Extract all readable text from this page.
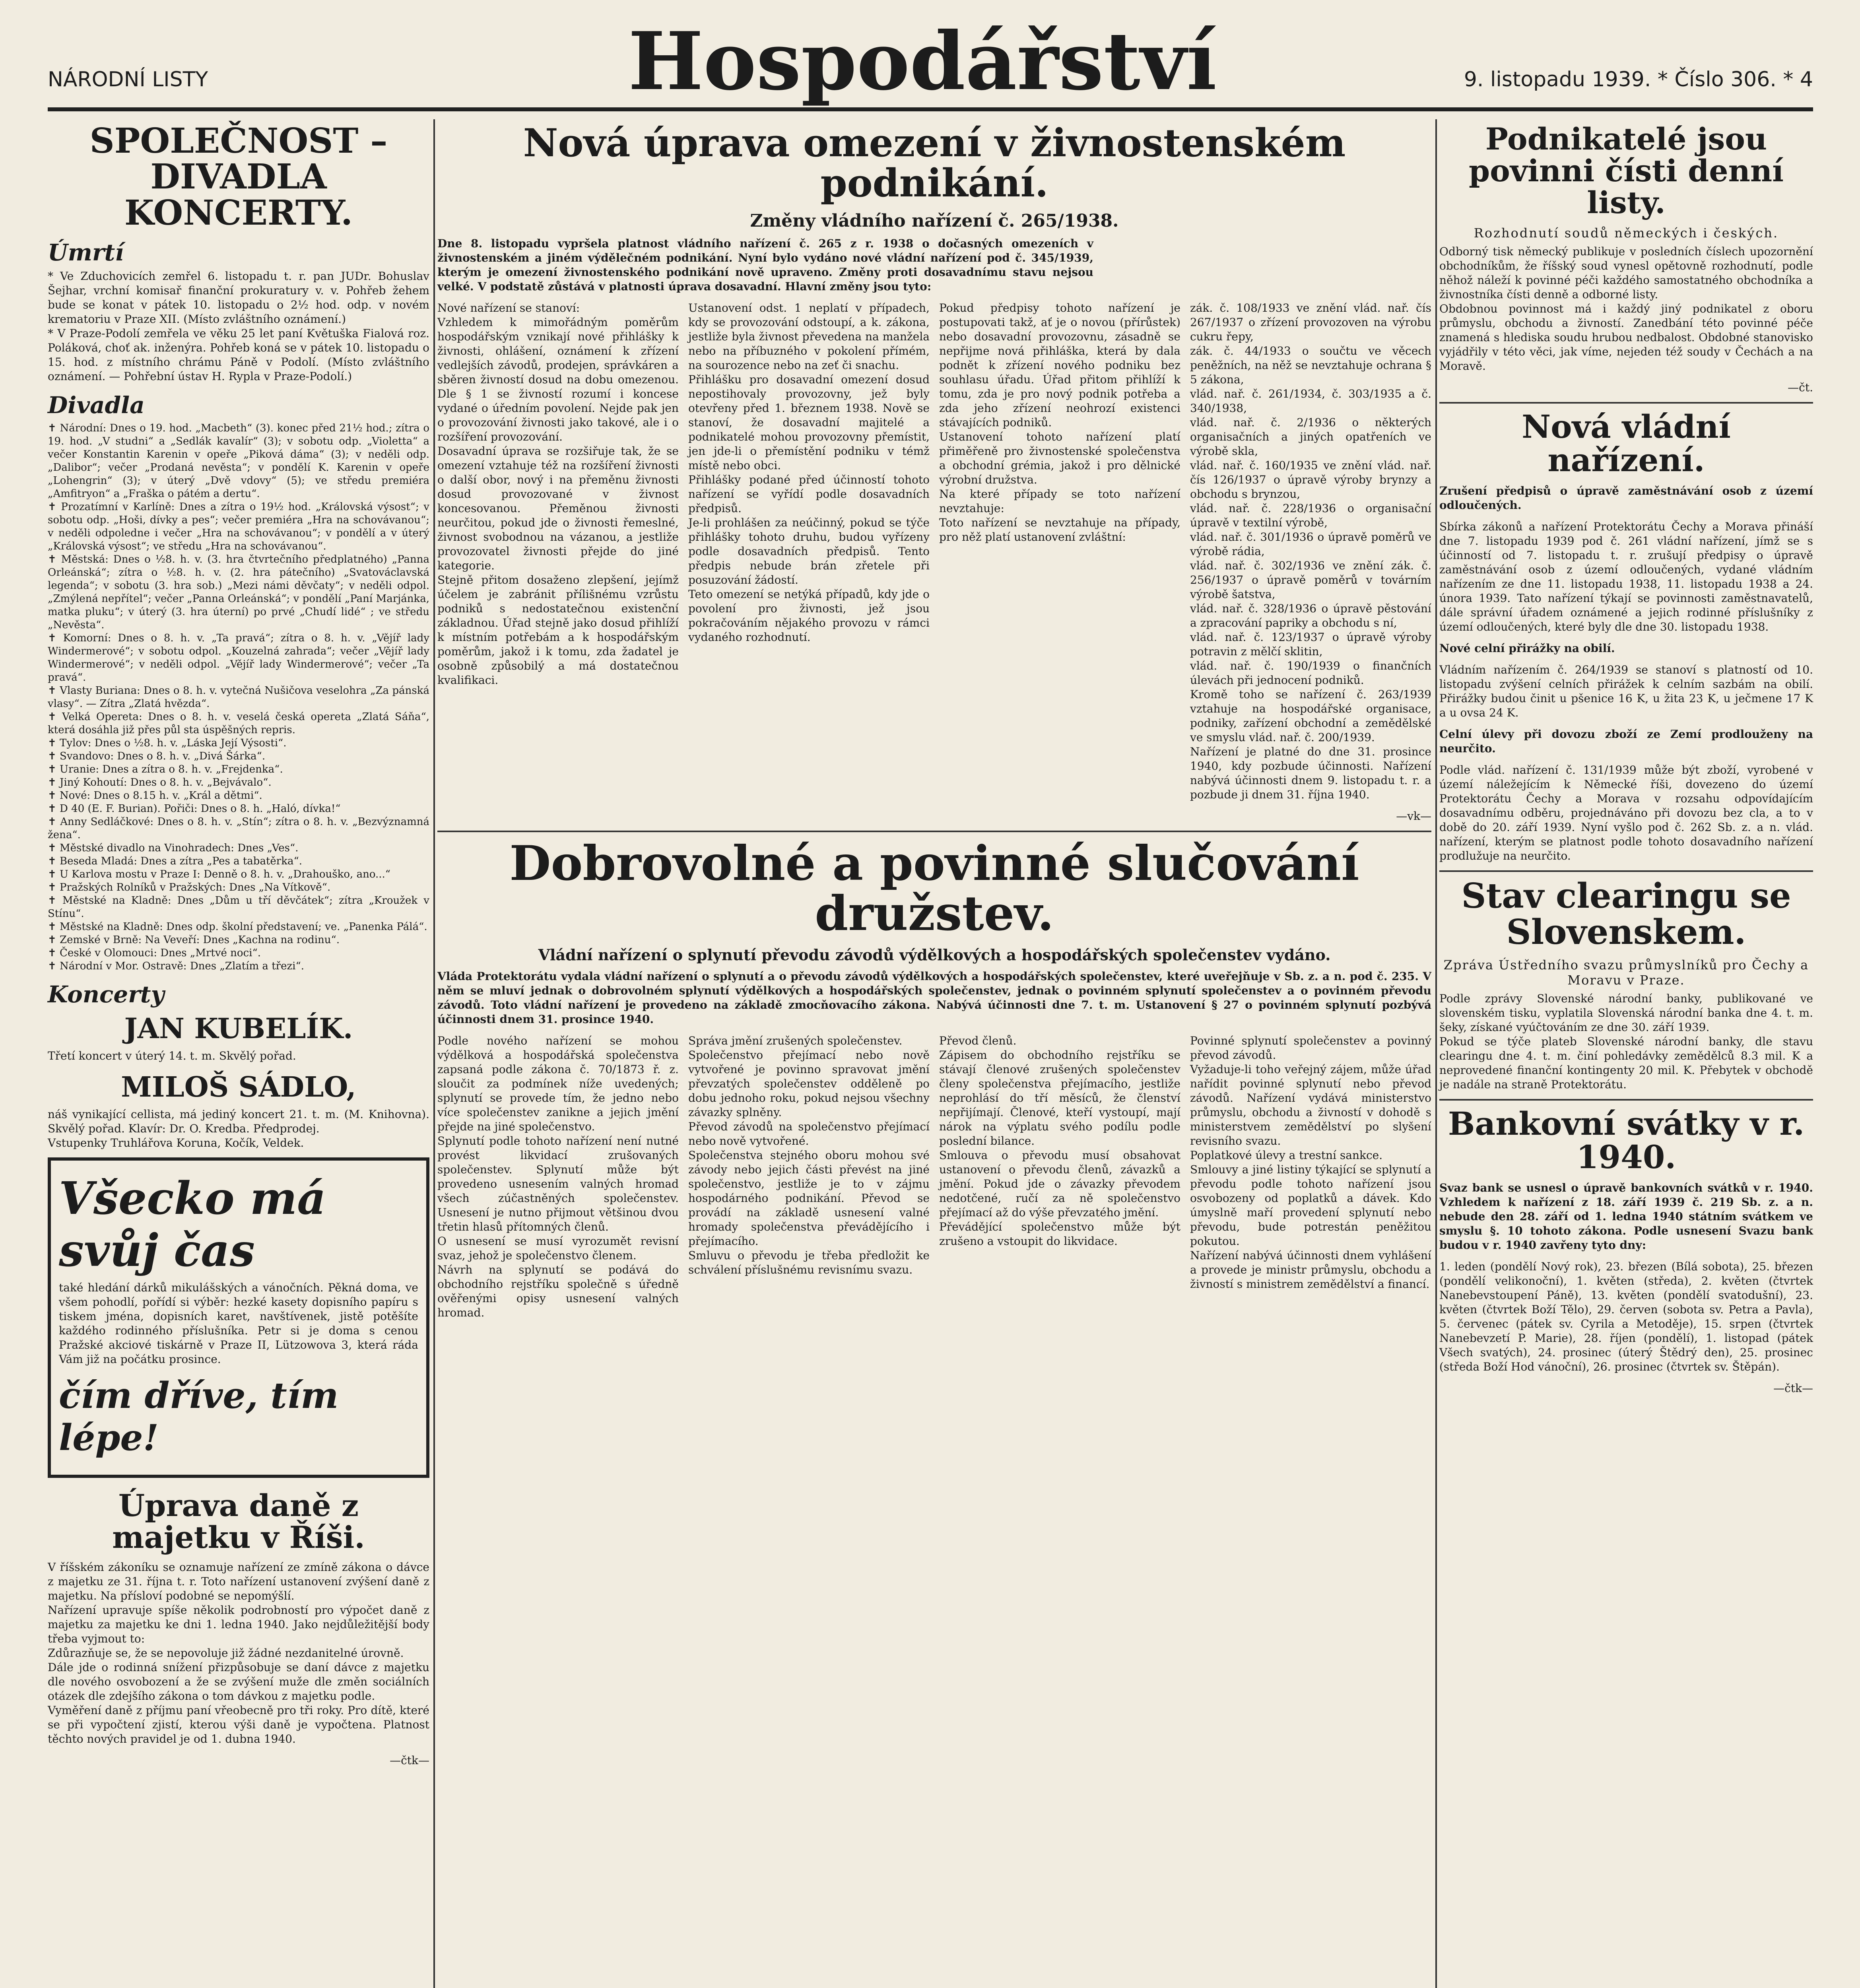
NÁRODNÍ LISTY	Hospodářství	9. listopadu 1939. * Číslo 306. * 4
SPOLEČNOST – DIVADLA KONCERTY.
Úmrtí
* Ve Zduchovicích zemřel 6. listopadu t. r. pan JUDr. Bohuslav Šejhar, vrchní komisař finanční prokuratury v. v. Pohřeb žehem bude se konat v pátek 10. listopadu o 2½ hod. odp. v novém krematoriu v Praze XII. (Místo zvláštního oznámení.)
* V Praze-Podolí zemřela ve věku 25 let paní Květuška Fialová roz. Poláková, choť ak. inženýra. Pohřeb koná se v pátek 10. listopadu o 15. hod. z místního chrámu Páně v Podolí. (Místo zvláštního oznámení. — Pohřební ústav H. Rypla v Praze-Podolí.)
Divadla
✝ Národní: Dnes o 19. hod. „Macbeth“ (3). konec před 21½ hod.; zítra o 19. hod. „V studni“ a „Sedlák kavalír“ (3); v sobotu odp. „Violetta“ a večer Konstantin Karenin v opeře „Piková dáma“ (3); v neděli odp. „Dalibor“; večer „Prodaná nevěsta“; v pondělí K. Karenin v opeře „Lohengrin“ (3); v úterý „Dvě vdovy“ (5); ve středu premiéra „Amfitryon“ a „Fraška o pátém a dertu“.
✝ Prozatímní v Karlíně: Dnes a zítra o 19½ hod. „Královská výsost“; v sobotu odp. „Hoši, dívky a pes“; večer premiéra „Hra na schovávanou“; v neděli odpoledne i večer „Hra na schovávanou“; v pondělí a v úterý „Královská výsost“; ve středu „Hra na schovávanou“.
✝ Městská: Dnes o ½8. h. v. (3. hra čtvrtečního předplatného) „Panna Orleánská“; zítra o ½8. h. v. (2. hra pátečního) „Svatováclavská legenda“; v sobotu (3. hra sob.) „Mezi námi děvčaty“; v neděli odpol. „Zmýlená nepřítel“; večer „Panna Orleánská“; v pondělí „Paní Marjánka, matka pluku“; v úterý (3. hra úterní) po prvé „Chudí lidé“ ; ve středu „Nevěsta“.
✝ Komorní: Dnes o 8. h. v. „Ta pravá“; zítra o 8. h. v. „Vějíř lady Windermerové“; v sobotu odpol. „Kouzelná zahrada“; večer „Vějíř lady Windermerové“; v neděli odpol. „Vějíř lady Windermerové“; večer „Ta pravá“.
✝ Vlasty Buriana: Dnes o 8. h. v. vytečná Nušičova veselohra „Za pánská vlasy“. — Zítra „Zlatá hvězda“.
✝ Velká Opereta: Dnes o 8. h. v. veselá česká opereta „Zlatá Sáňa“, která dosáhla již přes půl sta úspěšných repris.
✝ Tylov: Dnes o ½8. h. v. „Láska Její Výsosti“.
✝ Svandovo: Dnes o 8. h. v. „Divá Šárka“.
✝ Uranie: Dnes a zítra o 8. h. v. „Frejdenka“.
✝ Jiný Kohoutí: Dnes o 8. h. v. „Bejvávalo“.
✝ Nové: Dnes o 8.15 h. v. „Král a dětmi“.
✝ D 40 (E. F. Burian). Pořiči: Dnes o 8. h. „Haló, dívka!“
✝ Anny Sedláčkové: Dnes o 8. h. v. „Stín“; zítra o 8. h. v. „Bezvýznamná žena“.
✝ Městské divadlo na Vinohradech: Dnes „Ves“.
✝ Beseda Mladá: Dnes a zítra „Pes a tabatěrka“.
✝ U Karlova mostu v Praze I: Denně o 8. h. v. „Drahouško, ano...“
✝ Pražských Rolníků v Pražských: Dnes „Na Vítkově“.
✝ Městské na Kladně: Dnes „Dům u tří děvčátek“; zítra „Kroužek v Stínu“.
✝ Městské na Kladně: Dnes odp. školní představení; ve. „Panenka Pálá“.
✝ Zemské v Brně: Na Veveří: Dnes „Kachna na rodinu“.
✝ České v Olomouci: Dnes „Mrtvé noci“.
✝ Národní v Mor. Ostravě: Dnes „Zlatím a třezi“.
Koncerty
JAN KUBELÍK.
Třetí koncert v úterý 14. t. m. Skvělý pořad.
MILOŠ SÁDLO,
náš vynikající cellista, má jediný koncert 21. t. m. (M. Knihovna). Skvělý pořad. Klavír: Dr. O. Kredba. Předprodej.
Vstupenky Truhlářova Koruna, Kočík, Veldek.
Všecko má svůj čas
také hledání dárků mikulášských a vánočních. Pěkná doma, ve všem pohodlí, pořídí si výběr: hezké kasety dopisního papíru s tiskem jména, dopisních karet, navštívenek, jistě potěšíte každého rodinného příslušníka. Petr si je doma s cenou Pražské akciové tiskárně v Praze II, Lützowova 3, která ráda Vám již na počátku prosince.
čím dříve, tím lépe!
Úprava daně z majetku v Říši.
V říšském zákoníku se oznamuje nařízení ze zmíně zákona o dávce z majetku ze 31. října t. r. Toto nařízení ustanovení zvýšení daně z majetku. Na přísloví podobné se nepomýšlí.
Nařízení upravuje spíše několik podrobností pro výpočet daně z majetku za majetku ke dni 1. ledna 1940. Jako nejdůležitější body třeba vyjmout to:
Zdůrazňuje se, že se nepovoluje již žádné nezdanitelné úrovně.
Dále jde o rodinná snížení přizpůsobuje se daní dávce z majetku dle nového osvobození a že se zvýšení muže dle změn sociálních otázek dle zdejšího zákona o tom dávkou z majetku podle.
Vyměření daně z příjmu paní vřeobecně pro tři roky. Pro dítě, které se při vypočtení zjistí, kterou výši daně je vypočtena. Platnost těchto nových pravidel je od 1. dubna 1940.
—čtk—
Nová úprava omezení v živnostenském podnikání.
Změny vládního nařízení č. 265/1938.
Dne 8. listopadu vypršela platnost vládního nařízení č. 265 z r. 1938 o dočasných omezeních v živnostenském a jiném výdělečném podnikání. Nyní bylo vydáno nové vládní nařízení pod č. 345/1939, kterým je omezení živnostenského podnikání nově upraveno. Změny proti dosavadnímu stavu nejsou velké. V podstatě zůstává v platnosti úprava dosavadní. Hlavní změny jsou tyto:
Nové nařízení se stanoví:
Vzhledem k mimořádným poměrům hospodářským vznikají nové přihlášky k živnosti, ohlášení, oznámení k zřízení vedlejších závodů, prodejen, správkáren a sběren živností dosud na dobu omezenou. Dle § 1 se živností rozumí i koncese vydané o úředním povolení. Nejde pak jen o provozování živnosti jako takové, ale i o rozšíření provozování.
Dosavadní úprava se rozšiřuje tak, že se omezení vztahuje též na rozšíření živnosti o další obor, nový i na přeměnu živnosti dosud provozované v živnost koncesovanou. Přeměnou živnosti neurčitou, pokud jde o živnosti řemeslné, živnost svobodnou na vázanou, a jestliže provozovatel živnosti přejde do jiné kategorie.
Stejně přitom dosaženo zlepšení, jejímž účelem je zabránit přílišnému vzrůstu podniků s nedostatečnou existenční základnou. Úřad stejně jako dosud přihlíží k místním potřebám a k hospodářským poměrům, jakož i k tomu, zda žadatel je osobně způsobilý a má dostatečnou kvalifikaci.
Ustanovení odst. 1 neplatí v případech, kdy se provozování odstoupí, a k. zákona, jestliže byla živnost převedena na manžela nebo na příbuzného v pokolení přímém, na sourozence nebo na zeť či snachu.
Přihlášku pro dosavadní omezení dosud nepostihovaly provozovny, jež byly otevřeny před 1. březnem 1938. Nově se stanoví, že dosavadní majitelé a podnikatelé mohou provozovny přemístit, jen jde-li o přemístění podniku v témž místě nebo obci.
Přihlášky podané před účinností tohoto nařízení se vyřídí podle dosavadních předpisů.
Je-li prohlášen za neúčinný, pokud se týče přihlášky tohoto druhu, budou vyřízeny podle dosavadních předpisů. Tento předpis nebude brán zřetele při posuzování žádostí.
Teto omezení se netýká případů, kdy jde o povolení pro živnosti, jež jsou pokračováním nějakého provozu v rámci vydaného rozhodnutí.
Pokud předpisy tohoto nařízení je postupovati takž, ať je o novou (přírůstek) nebo dosavadní provozovnu, zásadně se nepřijme nová přihláška, která by dala podnět k zřízení nového podniku bez souhlasu úřadu. Úřad přitom přihlíží k tomu, zda je pro nový podnik potřeba a zda jeho zřízení neohrozí existenci stávajících podniků.
Ustanovení tohoto nařízení platí přiměřeně pro živnostenské společenstva a obchodní grémia, jakož i pro dělnické výrobní družstva.
Na které případy se toto nařízení nevztahuje:
Toto nařízení se nevztahuje na případy, pro něž platí ustanovení zvláštní:
zák. č. 108/1933 ve znění vlád. nař. čís 267/1937 o zřízení provozoven na výrobu cukru řepy,
zák. č. 44/1933 o součtu ve věcech peněžních, na něž se nevztahuje ochrana § 5 zákona,
vlád. nař. č. 261/1934, č. 303/1935 a č. 340/1938,
vlád. nař. č. 2/1936 o některých organisačních a jiných opatřeních ve výrobě skla,
vlád. nař. č. 160/1935 ve znění vlád. nař. čís 126/1937 o úpravě výroby brynzy a obchodu s brynzou,
vlád. nař. č. 228/1936 o organisační úpravě v textilní výrobě,
vlád. nař. č. 301/1936 o úpravě poměrů ve výrobě rádia,
vlád. nař. č. 302/1936 ve znění zák. č. 256/1937 o úpravě poměrů v továrním výrobě šatstva,
vlád. nař. č. 328/1936 o úpravě pěstování a zpracování papriky a obchodu s ní,
vlád. nař. č. 123/1937 o úpravě výroby potravin z mělčí sklitin,
vlád. nař. č. 190/1939 o finančních úlevách při jednocení podniků.
Kromě toho se nařízení č. 263/1939 vztahuje na hospodářské organisace, podniky, zařízení obchodní a zemědělské ve smyslu vlád. nař. č. 200/1939.
Nařízení je platné do dne 31. prosince 1940, kdy pozbude účinnosti. Nařízení nabývá účinnosti dnem 9. listopadu t. r. a pozbude ji dnem 31. října 1940.
—vk—
Dobrovolné a povinné slučování družstev.
Vládní nařízení o splynutí převodu závodů výdělkových a hospodářských společenstev vydáno.
Vláda Protektorátu vydala vládní nařízení o splynutí a o převodu závodů výdělkových a hospodářských společenstev, které uveřejňuje v Sb. z. a n. pod č. 235. V něm se mluví jednak o dobrovolném splynutí výdělkových a hospodářských společenstev, jednak o povinném splynutí společenstev a o povinném převodu závodů. Toto vládní nařízení je provedeno na základě zmocňovacího zákona. Nabývá účinnosti dne 7. t. m. Ustanovení § 27 o povinném splynutí pozbývá účinnosti dnem 31. prosince 1940.
Podle nového nařízení se mohou výdělková a hospodářská společenstva zapsaná podle zákona č. 70/1873 ř. z. sloučit za podmínek níže uvedených; splynutí se provede tím, že jedno nebo více společenstev zanikne a jejich jmění přejde na jiné společenstvo.
Splynutí podle tohoto nařízení není nutné provést likvidací zrušovaných společenstev. Splynutí může být provedeno usnesením valných hromad všech zúčastněných společenstev. Usnesení je nutno přijmout většinou dvou třetin hlasů přítomných členů.
O usnesení se musí vyrozumět revisní svaz, jehož je společenstvo členem.
Návrh na splynutí se podává do obchodního rejstříku společně s úředně ověřenými opisy usnesení valných hromad.
Správa jmění zrušených společenstev.
Společenstvo přejímací nebo nově vytvořené je povinno spravovat jmění převzatých společenstev odděleně po dobu jednoho roku, pokud nejsou všechny závazky splněny.
Převod závodů na společenstvo přejímací nebo nově vytvořené.
Společenstva stejného oboru mohou své závody nebo jejich části převést na jiné společenstvo, jestliže je to v zájmu hospodárného podnikání. Převod se provádí na základě usnesení valné hromady společenstva převádějícího i přejímacího.
Smluvu o převodu je třeba předložit ke schválení příslušnému revisnímu svazu.
Převod členů.
Zápisem do obchodního rejstříku se stávají členové zrušených společenstev členy společenstva přejímacího, jestliže neprohlásí do tří měsíců, že členství nepřijímají. Členové, kteří vystoupí, mají nárok na výplatu svého podílu podle poslední bilance.
Smlouva o převodu musí obsahovat ustanovení o převodu členů, závazků a jmění. Pokud jde o závazky převodem nedotčené, ručí za ně společenstvo přejímací až do výše převzatého jmění.
Převádějící společenstvo může být zrušeno a vstoupit do likvidace.
Povinné splynutí společenstev a povinný převod závodů.
Vyžaduje-li toho veřejný zájem, může úřad nařídit povinné splynutí nebo převod závodů. Nařízení vydává ministerstvo průmyslu, obchodu a živností v dohodě s ministerstvem zemědělství po slyšení revisního svazu.
Poplatkové úlevy a trestní sankce.
Smlouvy a jiné listiny týkající se splynutí a převodu podle tohoto nařízení jsou osvobozeny od poplatků a dávek. Kdo úmyslně maří provedení splynutí nebo převodu, bude potrestán peněžitou pokutou.
Nařízení nabývá účinnosti dnem vyhlášení a provede je ministr průmyslu, obchodu a živností s ministrem zemědělství a financí.
Podnikatelé jsou povinni čísti denní listy.
Rozhodnutí soudů německých i českých.
Odborný tisk německý publikuje v posledních číslech upozornění obchodníkům, že říšský soud vynesl opětovně rozhodnutí, podle něhož náleží k povinné péči každého samostatného obchodníka a živnostníka čísti denně a odborné listy.
Obdobnou povinnost má i každý jiný podnikatel z oboru průmyslu, obchodu a živností. Zanedbání této povinné péče znamená s hlediska soudu hrubou nedbalost. Obdobné stanovisko vyjádřily v této věci, jak víme, nejeden též soudy v Čechách a na Moravě.
—čt.
Nová vládní nařízení.
Zrušení předpisů o úpravě zaměstnávání osob z území odloučených.
Sbírka zákonů a nařízení Protektorátu Čechy a Morava přináší dne 7. listopadu 1939 pod č. 261 vládní nařízení, jímž se s účinností od 7. listopadu t. r. zrušují předpisy o úpravě zaměstnávání osob z území odloučených, vydané vládním nařízením ze dne 11. listopadu 1938, 11. listopadu 1938 a 24. února 1939. Tato nařízení týkají se povinnosti zaměstnavatelů, dále správní úřadem oznámené a jejich rodinné příslušníky z území odloučených, které byly dle dne 30. listopadu 1938.
Nové celní přirážky na obilí.
Vládním nařízením č. 264/1939 se stanoví s platností od 10. listopadu zvýšení celních přirážek k celním sazbám na obilí. Přirážky budou činit u pšenice 16 K, u žita 23 K, u ječmene 17 K a u ovsa 24 K.
Celní úlevy při dovozu zboží ze Zemí prodlouženy na neurčito.
Podle vlád. nařízení č. 131/1939 může být zboží, vyrobené v území náležejícím k Německé říši, dovezeno do území Protektorátu Čechy a Morava v rozsahu odpovídajícím dosavadnímu odběru, projednáváno při dovozu bez cla, a to v době do 20. září 1939. Nyní vyšlo pod č. 262 Sb. z. a n. vlád. nařízení, kterým se platnost podle tohoto dosavadního nařízení prodlužuje na neurčito.
Stav clearingu se Slovenskem.
Zpráva Ústředního svazu průmyslníků pro Čechy a Moravu v Praze.
Podle zprávy Slovenské národní banky, publikované ve slovenském tisku, vyplatila Slovenská národní banka dne 4. t. m. šeky, získané vyúčtováním ze dne 30. září 1939.
Pokud se týče plateb Slovenské národní banky, dle stavu clearingu dne 4. t. m. činí pohledávky zemědělců 8.3 mil. K a neprovedené finanční kontingenty 20 mil. K. Přebytek v obchodě je nadále na straně Protektorátu.
Bankovní svátky v r. 1940.
Svaz bank se usnesl o úpravě bankovních svátků v r. 1940. Vzhledem k nařízení z 18. září 1939 č. 219 Sb. z. a n. nebude den 28. září od 1. ledna 1940 státním svátkem ve smyslu §. 10 tohoto zákona. Podle usnesení Svazu bank budou v r. 1940 zavřeny tyto dny:
1. leden (pondělí Nový rok), 23. březen (Bílá sobota), 25. březen (pondělí velikonoční), 1. květen (středa), 2. květen (čtvrtek Nanebevstoupení Páně), 13. květen (pondělí svatodušní), 23. květen (čtvrtek Boží Tělo), 29. červen (sobota sv. Petra a Pavla), 5. červenec (pátek sv. Cyrila a Metoděje), 15. srpen (čtvrtek Nanebevzetí P. Marie), 28. říjen (pondělí), 1. listopad (pátek Všech svatých), 24. prosinec (úterý Štědrý den), 25. prosinec (středa Boží Hod vánoční), 26. prosinec (čtvrtek sv. Štěpán).
—čtk—
